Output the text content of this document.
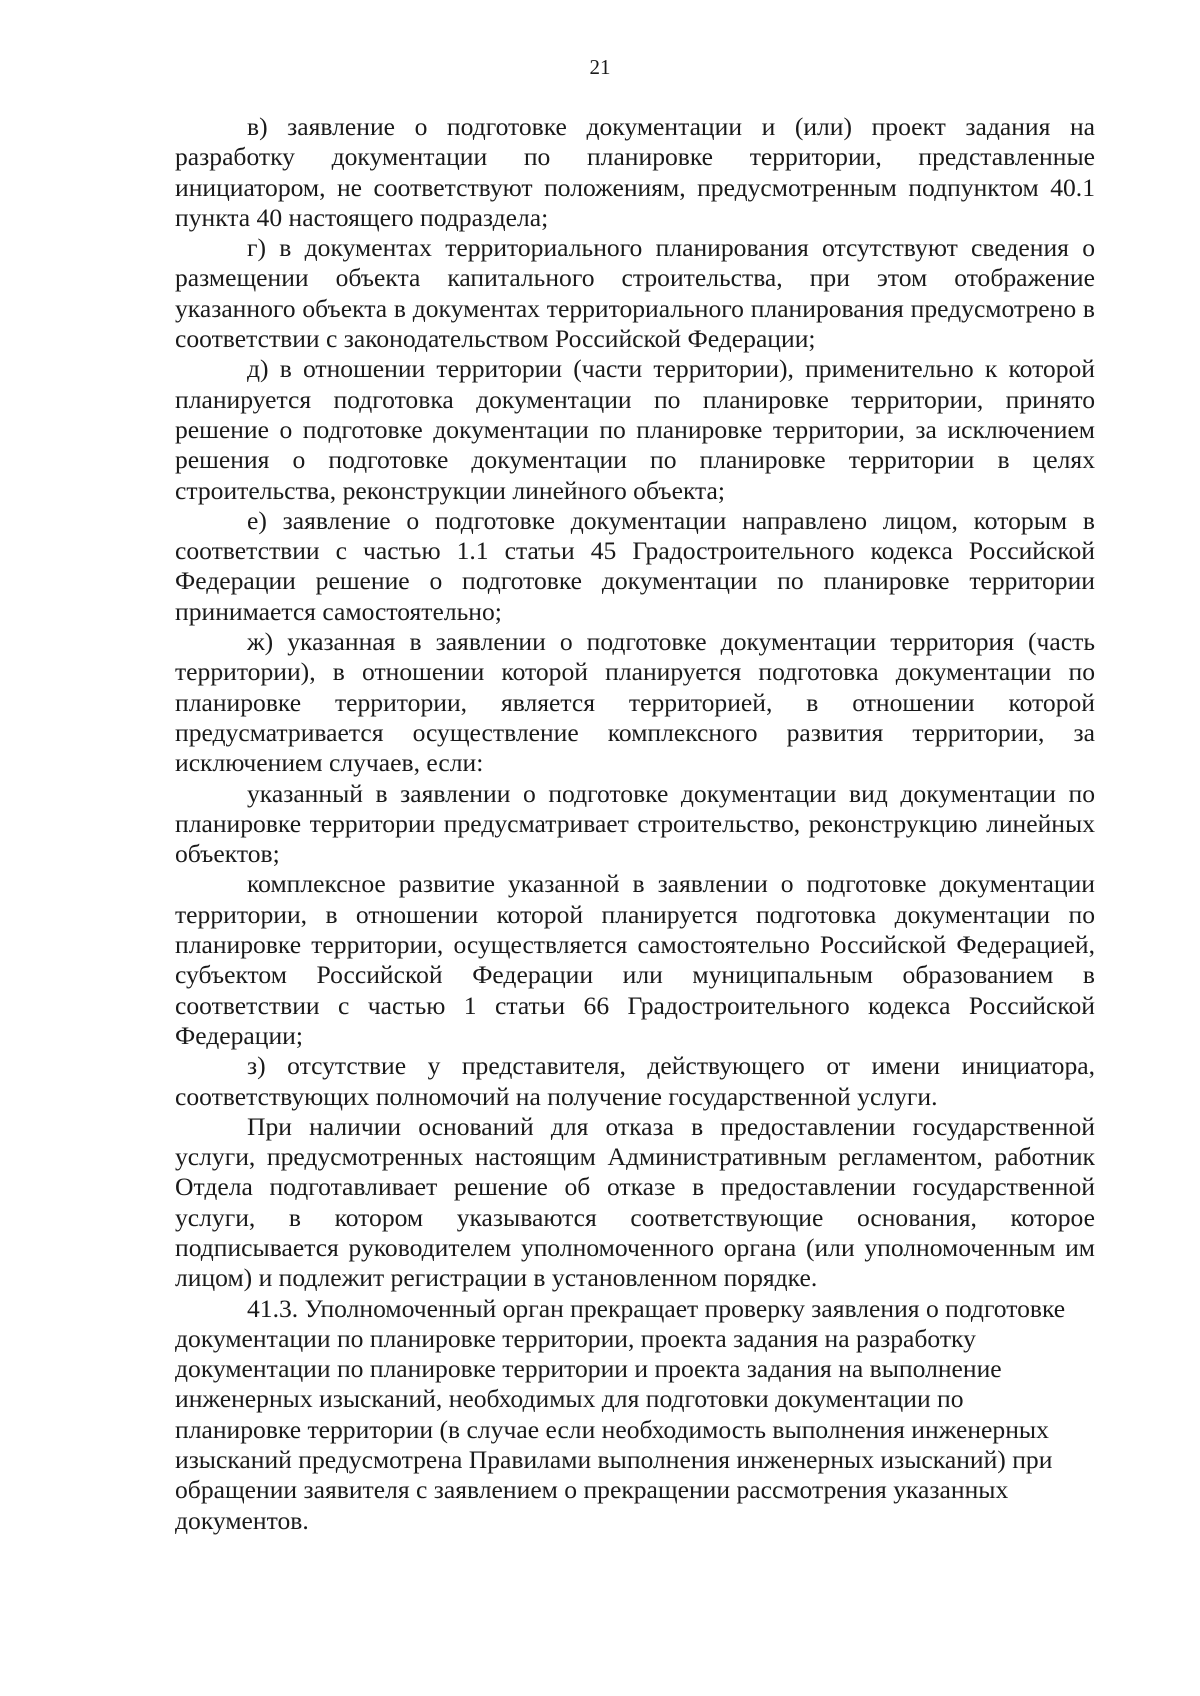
21

в) заявление о подготовке документации и (или) проект задания на разработку документации по планировке территории, представленные инициатором, не соответствуют положениям, предусмотренным подпунктом 40.1 пункта 40 настоящего подраздела;

г) в документах территориального планирования отсутствуют сведения о размещении объекта капитального строительства, при этом отображение указанного объекта в документах территориального планирования предусмотрено в соответствии с законодательством Российской Федерации;

д) в отношении территории (части территории), применительно к которой планируется подготовка документации по планировке территории, принято решение о подготовке документации по планировке территории, за исключением решения о подготовке документации по планировке территории в целях строительства, реконструкции линейного объекта;

е) заявление о подготовке документации направлено лицом, которым в соответствии с частью 1.1 статьи 45 Градостроительного кодекса Российской Федерации решение о подготовке документации по планировке территории принимается самостоятельно;

ж) указанная в заявлении о подготовке документации территория (часть территории), в отношении которой планируется подготовка документации по планировке территории, является территорией, в отношении которой предусматривается осуществление комплексного развития территории, за исключением случаев, если:

указанный в заявлении о подготовке документации вид документации по планировке территории предусматривает строительство, реконструкцию линейных объектов;

комплексное развитие указанной в заявлении о подготовке документации территории, в отношении которой планируется подготовка документации по планировке территории, осуществляется самостоятельно Российской Федерацией, субъектом Российской Федерации или муниципальным образованием в соответствии с частью 1 статьи 66 Градостроительного кодекса Российской Федерации;

з) отсутствие у представителя, действующего от имени инициатора, соответствующих полномочий на получение государственной услуги.

При наличии оснований для отказа в предоставлении государственной услуги, предусмотренных настоящим Административным регламентом, работник Отдела подготавливает решение об отказе в предоставлении государственной услуги, в котором указываются соответствующие основания, которое подписывается руководителем уполномоченного органа (или уполномоченным им лицом) и подлежит регистрации в установленном порядке.

41.3. Уполномоченный орган прекращает проверку заявления о подготовке документации по планировке территории, проекта задания на разработку документации по планировке территории и проекта задания на выполнение инженерных изысканий, необходимых для подготовки документации по планировке территории (в случае если необходимость выполнения инженерных изысканий предусмотрена Правилами выполнения инженерных изысканий) при обращении заявителя с заявлением о прекращении рассмотрения указанных документов.
